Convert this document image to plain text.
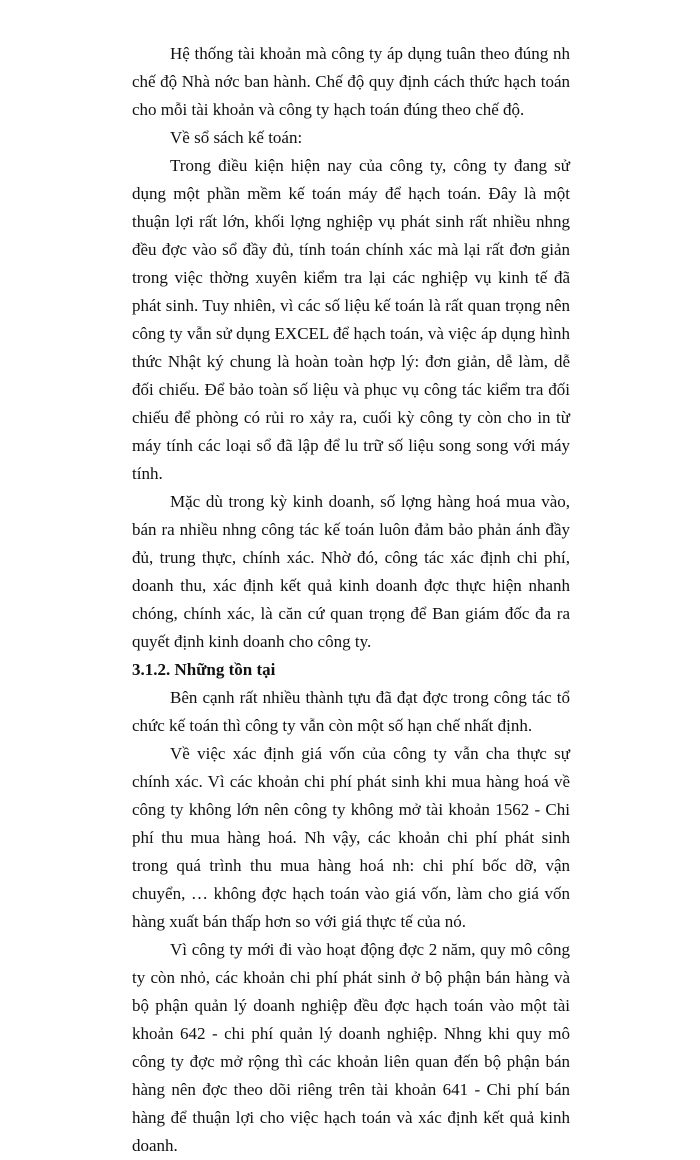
Hệ thống tài khoản mà công ty áp dụng tuân theo đúng nh chế độ Nhà nớc ban hành. Chế độ quy định cách thức hạch toán cho mỗi tài khoản và công ty hạch toán đúng theo chế độ.

Về sổ sách kế toán:

Trong điều kiện hiện nay của công ty, công ty đang sử dụng một phần mềm kế toán máy để hạch toán. Đây là một thuận lợi rất lớn, khối lợng nghiệp vụ phát sinh rất nhiều nhng đều đợc vào sổ đầy đủ, tính toán chính xác mà lại rất đơn giản trong việc thờng xuyên kiểm tra lại các nghiệp vụ kinh tế đã phát sinh. Tuy nhiên, vì các số liệu kế toán là rất quan trọng nên công ty vẫn sử dụng EXCEL để hạch toán, và việc áp dụng hình thức Nhật ký chung là hoàn toàn hợp lý: đơn giản, dễ làm, dễ đối chiếu. Để bảo toàn số liệu và phục vụ công tác kiểm tra đối chiếu để phòng có rủi ro xảy ra, cuối kỳ công ty còn cho in từ máy tính các loại sổ đã lập để lu trữ số liệu song song với máy tính.

Mặc dù trong kỳ kinh doanh, số lợng hàng hoá mua vào, bán ra nhiều nhng công tác kế toán luôn đảm bảo phản ánh đầy đủ, trung thực, chính xác. Nhờ đó, công tác xác định chi phí, doanh thu, xác định kết quả kinh doanh đợc thực hiện nhanh chóng, chính xác, là căn cứ quan trọng để Ban giám đốc đa ra quyết định kinh doanh cho công ty.

3.1.2. Những tồn tại

Bên cạnh rất nhiều thành tựu đã đạt đợc trong công tác tổ chức kế toán thì công ty vẫn còn một số hạn chế nhất định.

Về việc xác định giá vốn của công ty vẫn cha thực sự chính xác. Vì các khoản chi phí phát sinh khi mua hàng hoá về công ty không lớn nên công ty không mở tài khoản 1562 - Chi phí thu mua hàng hoá. Nh vậy, các khoản chi phí phát sinh trong quá trình thu mua hàng hoá nh: chi phí bốc dỡ, vận chuyển, … không đợc hạch toán vào giá vốn, làm cho giá vốn hàng xuất bán thấp hơn so với giá thực tế của nó.

Vì công ty mới đi vào hoạt động đợc 2 năm, quy mô công ty còn nhỏ, các khoản chi phí phát sinh ở bộ phận bán hàng và bộ phận quản lý doanh nghiệp đều đợc hạch toán vào một tài khoản 642 - chi phí quản lý doanh nghiệp. Nhng khi quy mô công ty đợc mở rộng thì các khoản liên quan đến bộ phận bán hàng nên đợc theo dõi riêng trên tài khoản 641 - Chi phí bán hàng để thuận lợi cho việc hạch toán và xác định kết quả kinh doanh.
